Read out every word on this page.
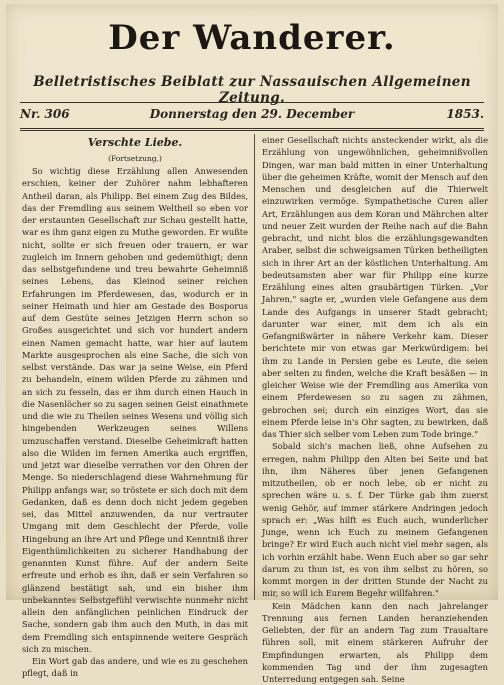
Der Wanderer.
Belletristisches Beiblatt zur Nassauischen Allgemeinen Zeitung.
Nr. 306	Donnerstag den 29. December	1853.
Verschte Liebe.
(Fortsetzung.)

So wichtig diese Erzählung allen Anwesenden erschien, keiner der Zuhörer nahm lebhafteren Antheil daran, als Philipp. Bei einem Zug des Bildes, das der Fremdling aus seinem Weltheil so eben vor der erstaunten Gesellschaft zur Schau gestellt hatte, war es ihm ganz eigen zu Muthe geworden. Er wußte nicht, sollte er sich freuen oder trauern, er war zugleich im Innern gehoben und gedemüthigt; denn das selbstgefundene und treu bewahrte Geheimniß seines Lebens, das Kleinod seiner reichen Erfahrungen im Pferdewesen, das, wodurch er in seiner Heimath und hier am Gestade des Bosporus auf dem Gestüte seines Jetzigen Herrn schon so Großes ausgerichtet und sich vor hundert andern einen Namen gemacht hatte, war hier auf lautem Markte ausgesprochen als eine Sache, die sich von selbst verstände. Das war ja seine Weise, ein Pferd zu behandeln, einem wilden Pferde zu zähmen und an sich zu fesseln, das er ihm durch einen Hauch in die Nasenlöcher so zu sagen seinen Geist einathmete und die wie zu Theilen seines Wesens und völlig sich hingebenden Werkzeugen seines Willens umzuschaffen verstand. Dieselbe Geheimkraft hatten also die Wilden im fernen Amerika auch ergriffen, und jetzt war dieselbe verrathen vor den Ohren der Menge. So niederschlagend diese Wahrnehmung für Philipp anfangs war, so tröstete er sich doch mit dem Gedanken, daß es denn doch nicht jedem gegeben sei, das Mittel anzuwenden, da nur vertrauter Umgang mit dem Geschlecht der Pferde, volle Hingebung an ihre Art und Pflege und Kenntniß ihrer Eigenthümlichkeiten zu sicherer Handhabung der genannten Kunst führe. Auf der andern Seite erfreute und erhob es ihn, daß er sein Verfahren so glänzend bestätigt sah, und ein bisher ihm unbekanntes Selbstgefühl verwischte nunmehr nicht allein den anfänglichen peinlichen Eindruck der Sache, sondern gab ihm auch den Muth, in das mit dem Fremdling sich entspinnende weitere Gespräch sich zu mischen.

Ein Wort gab das andere, und wie es zu geschehen pflegt, daß in

einer Gesellschaft nichts ansteckender wirkt, als die Erzählung von ungewöhnlichen, geheimnißvollen Dingen, war man bald mitten in einer Unterhaltung über die geheimen Kräfte, womit der Mensch auf den Menschen und desgleichen auf die Thierwelt einzuwirken vermöge. Sympathetische Curen aller Art, Erzählungen aus dem Koran und Mährchen alter und neuer Zeit wurden der Reihe nach auf die Bahn gebracht, und nicht blos die erzählungsgewandten Araber, selbst die schweigsamen Türken betheiligten sich in ihrer Art an der köstlichen Unterhaltung. Am bedeutsamsten aber war für Philipp eine kurze Erzählung eines alten graubärtigen Türken. „Vor Jahren," sagte er, „wurden viele Gefangene aus dem Lande des Aufgangs in unserer Stadt gebracht; darunter war einer, mit dem ich als ein Gefangnißwärter in nähere Verkehr kam. Dieser berichtete mir von etwas gar Merkwürdigem: bei ihm zu Lande in Persien gebe es Leute, die seien aber selten zu finden, welche die Kraft besäßen — in gleicher Weise wie der Fremdling aus Amerika von einem Pferdewesen so zu sagen zu zähmen, gebrochen sei; durch ein einziges Wort, das sie einem Pferde leise in's Ohr sagten, zu bewirken, daß das Thier sich selber vom Leben zum Tode bringe."

Sobald sich's machen ließ, ohne Aufsehen zu erregen, nahm Philipp den Alten bei Seite und bat ihn, ihm Näheres über jenen Gefangenen mitzutheilen, ob er noch lebe, ob er nicht zu sprechen wäre u. s. f. Der Türke gab ihm zuerst wenig Gehör, auf immer stärkere Andringen jedoch sprach er: „Was hilft es Euch auch, wunderlicher Junge, wenn ich Euch zu meinem Gefangenen bringe? Er wird Euch auch nicht viel mehr sagen, als ich vorhin erzählt habe. Wenn Euch aber so gar sehr darum zu thun ist, es von ihm selbst zu hören, so kommt morgen in der dritten Stunde der Nacht zu mir, so will ich Eurem Begehr willfahren."

Kein Mädchen kann den nach jahrelanger Trennung aus fernen Landen heranziehenden Geliebten, der für an andern Tag zum Traualtare führen soll, mit einem stärkeren Aufruhr der Empfindungen erwarten, als Philipp dem kommenden Tag und der ihm zugesagten Unterredung entgegen sah. Seine
